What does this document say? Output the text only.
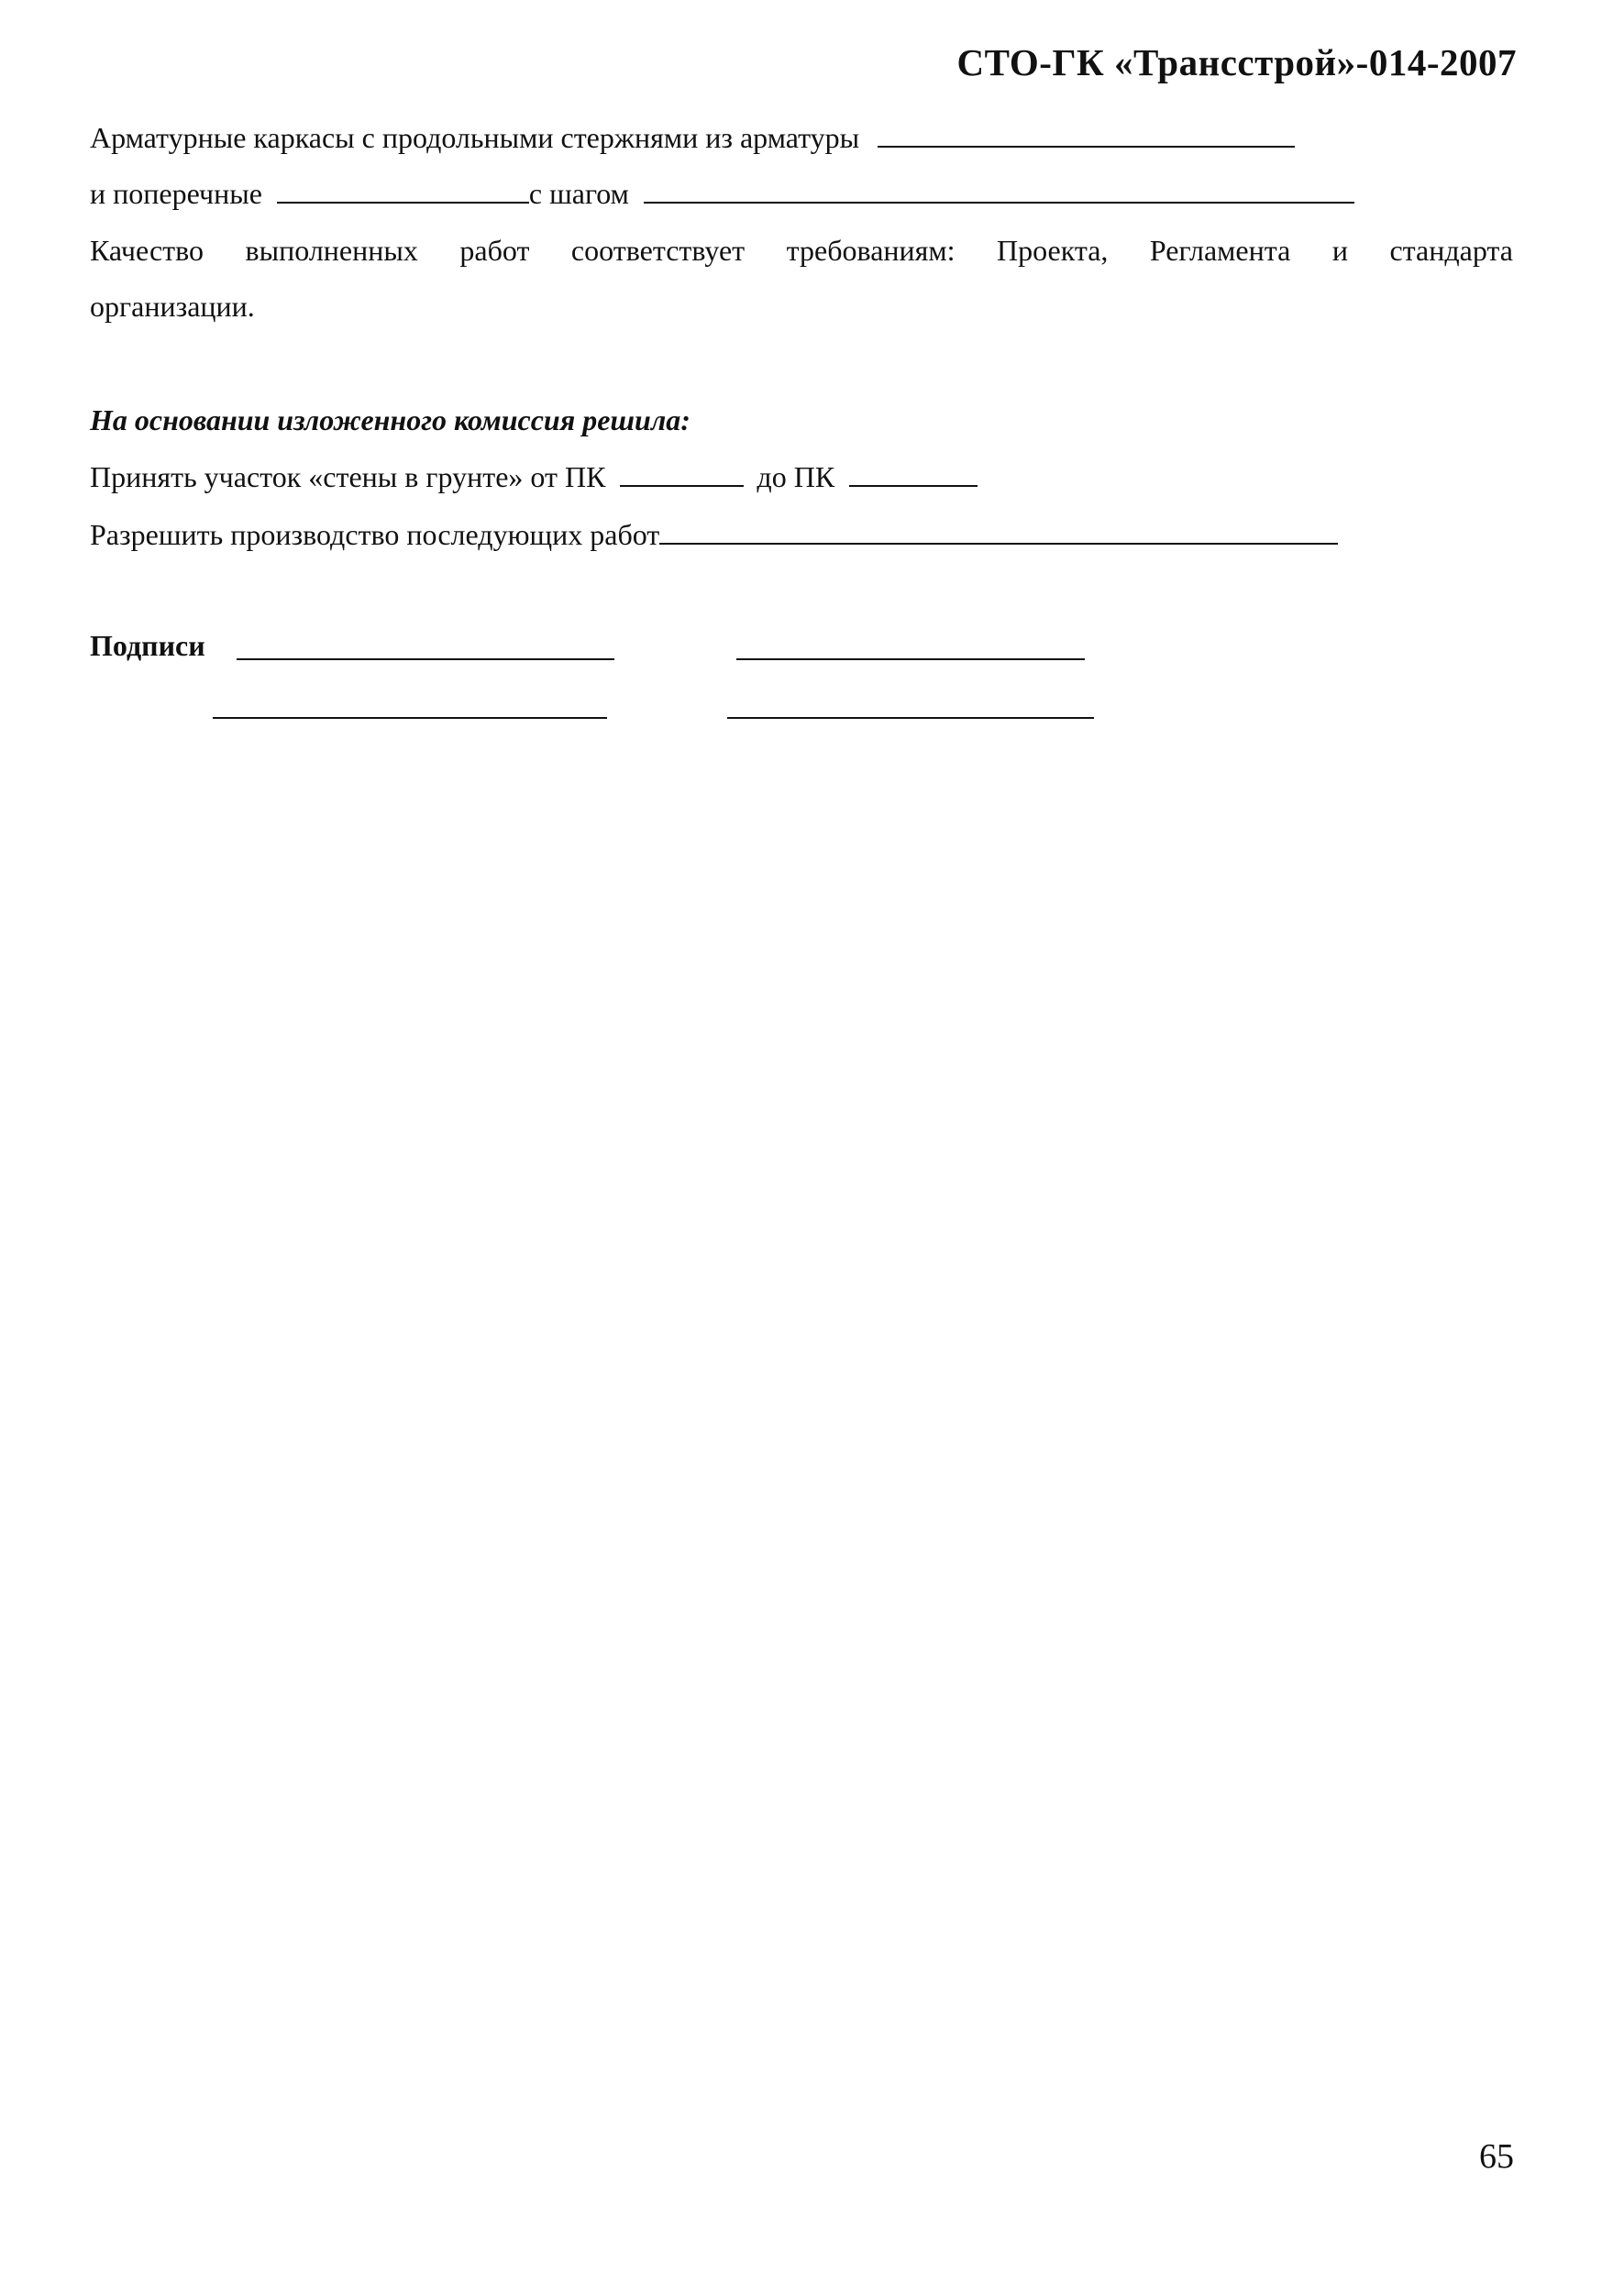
СТО-ГК «Трансстрой»-014-2007
Арматурные каркасы с продольными стержнями из арматуры
и поперечные	с шагом
Качество выполненных работ соответствует требованиям: Проекта, Регламента и стандарта
организации.
На основании изложенного комиссия решила:
Принять участок «стены в грунте» от ПК	до ПК
Разрешить производство последующих работ
Подписи
65
